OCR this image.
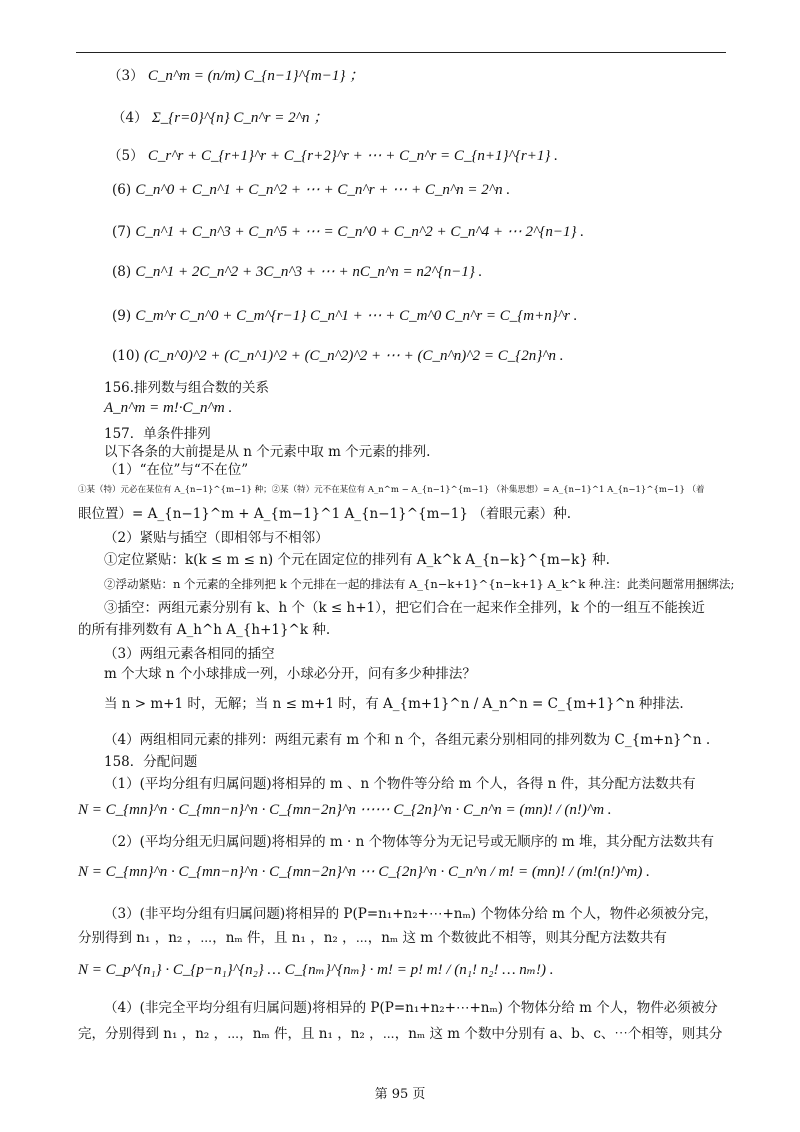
（3） C_n^m = (n/m) C_{n−1}^{m−1} ；
（4） Σ_{r=0}^{n} C_n^r = 2^n ；
（5） C_r^r + C_{r+1}^r + C_{r+2}^r + ⋯ + C_n^r = C_{n+1}^{r+1} .
(6) C_n^0 + C_n^1 + C_n^2 + ⋯ + C_n^r + ⋯ + C_n^n = 2^n .
(7) C_n^1 + C_n^3 + C_n^5 + ⋯ = C_n^0 + C_n^2 + C_n^4 + ⋯ 2^{n−1} .
(8) C_n^1 + 2C_n^2 + 3C_n^3 + ⋯ + nC_n^n = n2^{n−1} .
(9) C_m^r C_n^0 + C_m^{r−1} C_n^1 + ⋯ + C_m^0 C_n^r = C_{m+n}^r .
(10) (C_n^0)^2 + (C_n^1)^2 + (C_n^2)^2 + ⋯ + (C_n^n)^2 = C_{2n}^n .
156.排列数与组合数的关系
A_n^m = m!·C_n^m .
157．单条件排列
以下各条的大前提是从 n 个元素中取 m 个元素的排列.
（1）“在位”与“不在位”
①某（特）元必在某位有 A_{n−1}^{m−1} 种；②某（特）元不在某位有 A_n^m − A_{n−1}^{m−1} （补集思想）= A_{n−1}^1 A_{n−1}^{m−1} （着
眼位置）= A_{n−1}^m + A_{m−1}^1 A_{n−1}^{m−1} （着眼元素）种.
（2）紧贴与插空（即相邻与不相邻）
①定位紧贴：k(k ≤ m ≤ n) 个元在固定位的排列有 A_k^k A_{n−k}^{m−k} 种.
②浮动紧贴：n 个元素的全排列把 k 个元排在一起的排法有 A_{n−k+1}^{n−k+1} A_k^k 种.注：此类问题常用捆绑法;
③插空：两组元素分别有 k、h 个（k ≤ h+1），把它们合在一起来作全排列，k 个的一组互不能挨近
的所有排列数有 A_h^h A_{h+1}^k 种.
（3）两组元素各相同的插空
m 个大球 n 个小球排成一列，小球必分开，问有多少种排法？
当 n > m+1 时，无解；当 n ≤ m+1 时，有 A_{m+1}^n / A_n^n = C_{m+1}^n 种排法.
（4）两组相同元素的排列：两组元素有 m 个和 n 个，各组元素分别相同的排列数为 C_{m+n}^n .
158．分配问题
（1）(平均分组有归属问题)将相异的 m 、n 个物件等分给 m 个人，各得 n 件，其分配方法数共有
N = C_{mn}^n · C_{mn−n}^n · C_{mn−2n}^n ⋯⋯ C_{2n}^n · C_n^n = (mn)! / (n!)^m .
（2）(平均分组无归属问题)将相异的 m · n 个物体等分为无记号或无顺序的 m 堆，其分配方法数共有
N = C_{mn}^n · C_{mn−n}^n · C_{mn−2n}^n ⋯ C_{2n}^n · C_n^n / m! = (mn)! / (m!(n!)^m) .
（3）(非平均分组有归属问题)将相异的 P(P=n₁+n₂+⋯+nₘ) 个物体分给 m 个人，物件必须被分完，
分别得到 n₁ ，n₂ ，⋯，nₘ 件，且 n₁ ，n₂ ，⋯，nₘ 这 m 个数彼此不相等，则其分配方法数共有
N = C_p^{n₁} · C_{p−n₁}^{n₂} … C_{nₘ}^{nₘ} · m! = p! m! / (n₁! n₂! … nₘ!) .
（4）(非完全平均分组有归属问题)将相异的 P(P=n₁+n₂+⋯+nₘ) 个物体分给 m 个人，物件必须被分
完，分别得到 n₁ ，n₂ ，⋯，nₘ 件，且 n₁ ，n₂ ，⋯，nₘ 这 m 个数中分别有 a、b、c、⋯个相等，则其分
第 95 页
